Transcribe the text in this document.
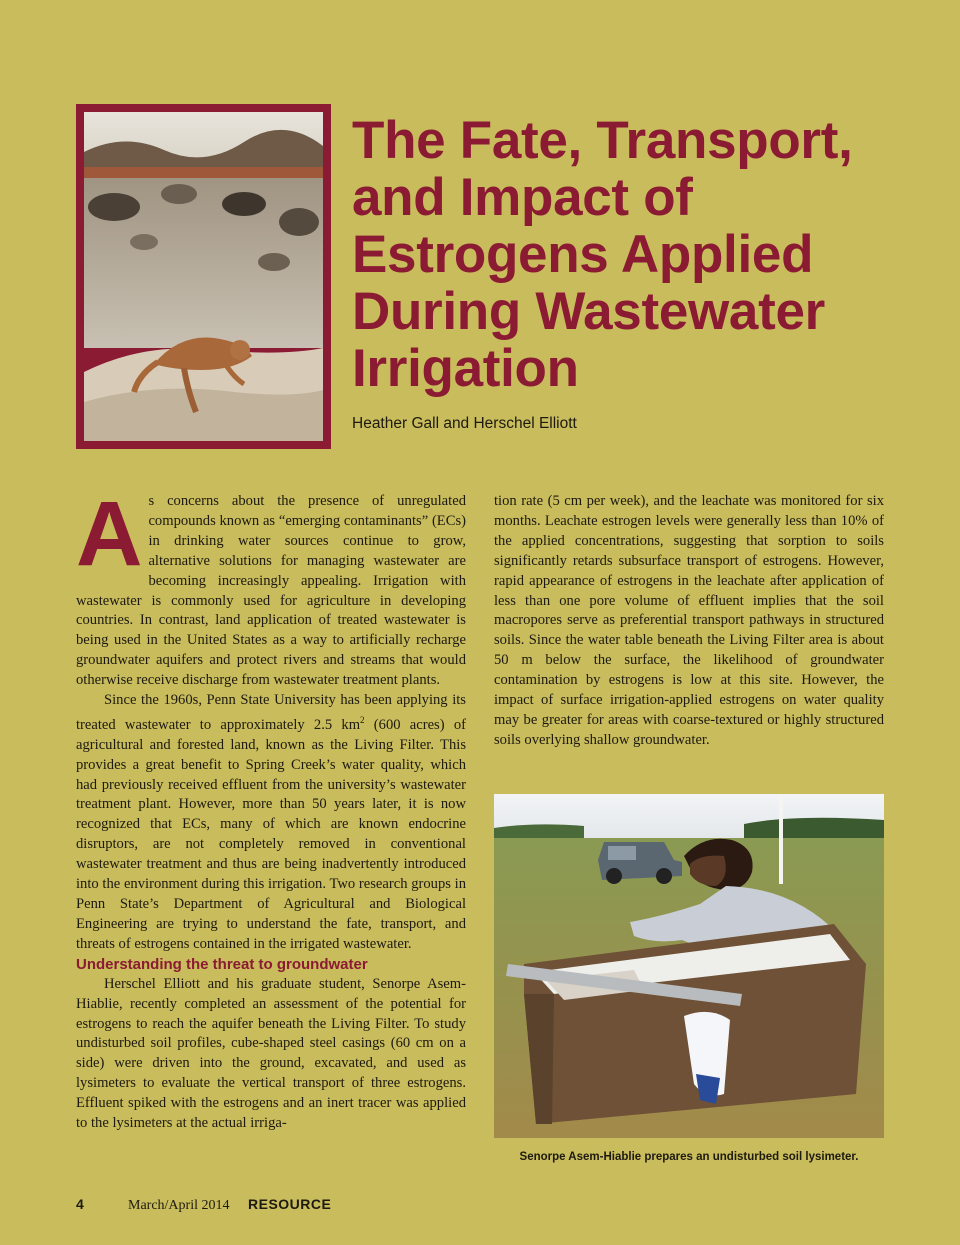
The Fate, Transport,
and Impact of
Estrogens Applied
During Wastewater
Irrigation
Heather Gall and Herschel Elliott

As concerns about the presence of unregulated compounds known as “emerging contaminants” (ECs) in drinking water sources continue to grow, alternative solutions for managing wastewater are becoming increasingly appealing. Irrigation with wastewater is commonly used for agriculture in developing countries. In contrast, land application of treated wastewater is being used in the United States as a way to artificially recharge groundwater aquifers and protect rivers and streams that would otherwise receive discharge from wastewater treatment plants.

Since the 1960s, Penn State University has been applying its treated wastewater to approximately 2.5 $km^2$ (600 acres) of agricultural and forested land, known as the Living Filter. This provides a great benefit to Spring Creek’s water quality, which had previously received effluent from the university’s wastewater treatment plant. However, more than 50 years later, it is now recognized that ECs, many of which are known endocrine disruptors, are not completely removed in conventional wastewater treatment and thus are being inadvertently introduced into the environment during this irrigation. Two research groups in Penn State’s Department of Agricultural and Biological Engineering are trying to understand the fate, transport, and threats of estrogens contained in the irrigated wastewater.

Understanding the threat to groundwater

Herschel Elliott and his graduate student, Senorpe Asem-Hiablie, recently completed an assessment of the potential for estrogens to reach the aquifer beneath the Living Filter. To study undisturbed soil profiles, cube-shaped steel casings (60 cm on a side) were driven into the ground, excavated, and used as lysimeters to evaluate the vertical transport of three estrogens. Effluent spiked with the estrogens and an inert tracer was applied to the lysimeters at the actual irriga-

tion rate (5 cm per week), and the leachate was monitored for six months. Leachate estrogen levels were generally less than 10% of the applied concentrations, suggesting that sorption to soils significantly retards subsurface transport of estrogens. However, rapid appearance of estrogens in the leachate after application of less than one pore volume of effluent implies that the soil macropores serve as preferential transport pathways in structured soils. Since the water table beneath the Living Filter area is about 50 m below the surface, the likelihood of groundwater contamination by estrogens is low at this site. However, the impact of surface irrigation-applied estrogens on water quality may be greater for areas with coarse-textured or highly structured soils overlying shallow groundwater.

Senorpe Asem-Hiablie prepares an undisturbed soil lysimeter.
4	March/April 2014	RESOURCE
